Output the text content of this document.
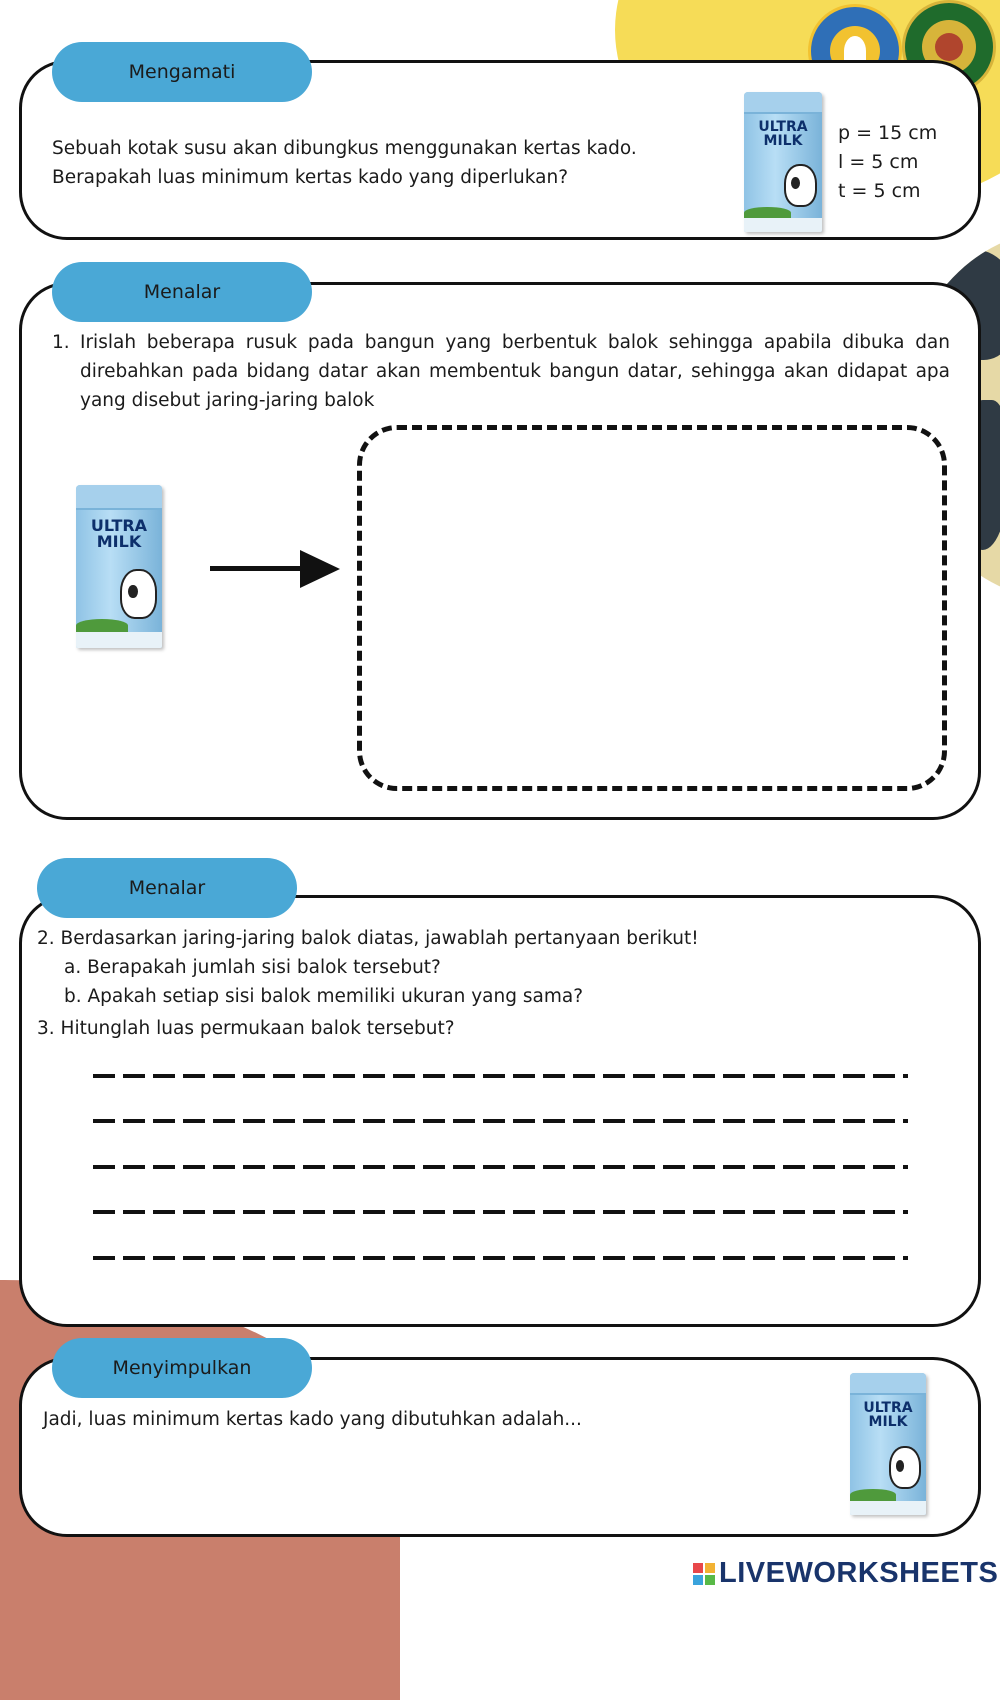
Mengamati
Sebuah kotak susu akan dibungkus menggunakan kertas kado.
Berapakah luas minimum kertas kado yang diperlukan?
ULTRA
MILK	p = 15 cm
l = 5 cm
t = 5 cm
Menalar
1. Irislah beberapa rusuk pada bangun yang berbentuk balok sehingga apabila dibuka dan
direbahkan pada bidang datar akan membentuk bangun datar, sehingga akan didapat apa
yang disebut jaring-jaring balok
ULTRA
MILK
Menalar
2. Berdasarkan jaring-jaring balok diatas, jawablah pertanyaan berikut!
a. Berapakah jumlah sisi balok tersebut?
b. Apakah setiap sisi balok memiliki ukuran yang sama?
3. Hitunglah luas permukaan balok tersebut?
Menyimpulkan
Jadi, luas minimum kertas kado yang dibutuhkan adalah...
ULTRA
MILK
LIVEWORKSHEETS
